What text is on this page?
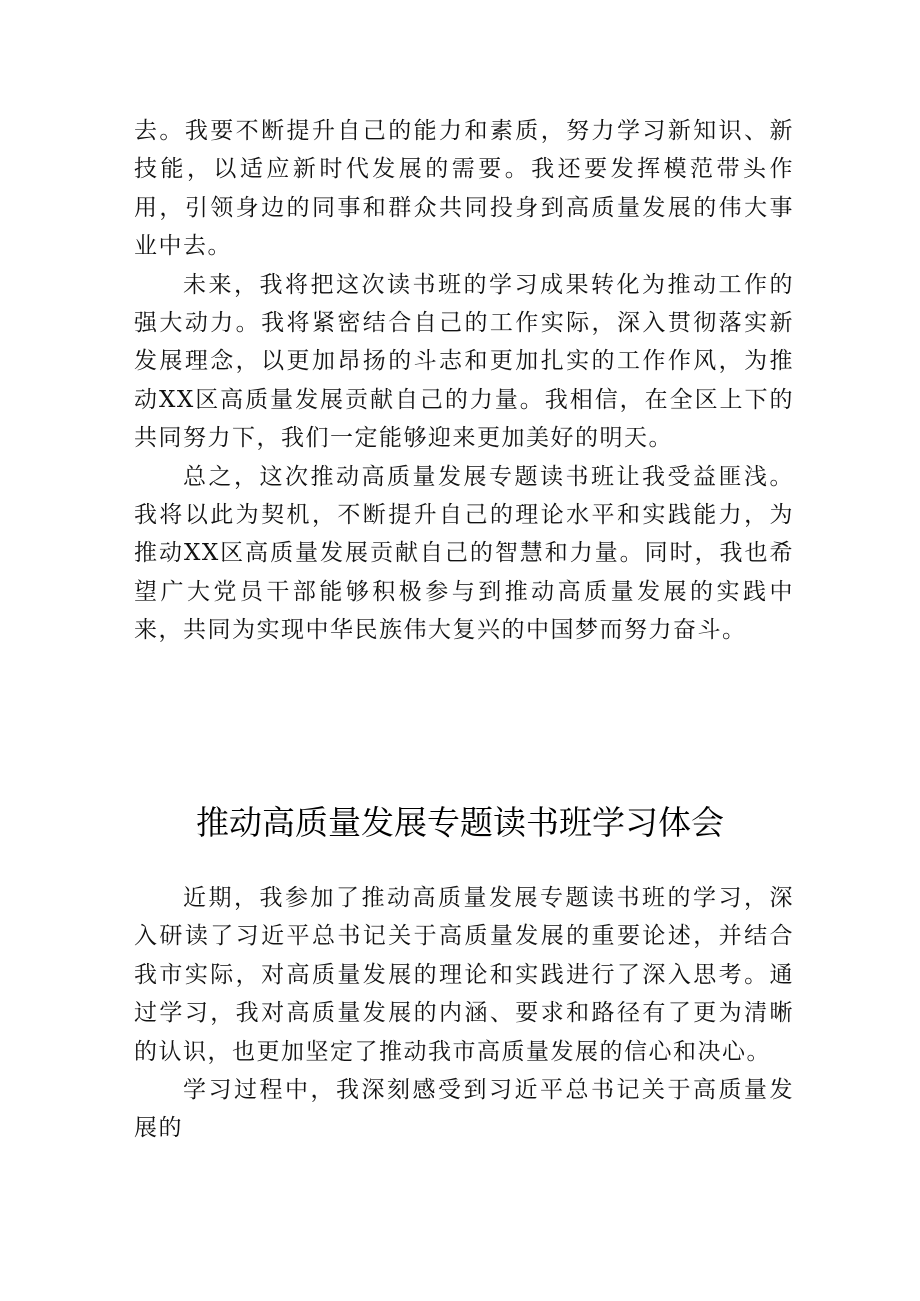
去。我要不断提升自己的能力和素质，努力学习新知识、新技能，以适应新时代发展的需要。我还要发挥模范带头作用，引领身边的同事和群众共同投身到高质量发展的伟大事业中去。

未来，我将把这次读书班的学习成果转化为推动工作的强大动力。我将紧密结合自己的工作实际，深入贯彻落实新发展理念，以更加昂扬的斗志和更加扎实的工作作风，为推动XX区高质量发展贡献自己的力量。我相信，在全区上下的共同努力下，我们一定能够迎来更加美好的明天。

总之，这次推动高质量发展专题读书班让我受益匪浅。我将以此为契机，不断提升自己的理论水平和实践能力，为推动XX区高质量发展贡献自己的智慧和力量。同时，我也希望广大党员干部能够积极参与到推动高质量发展的实践中来，共同为实现中华民族伟大复兴的中国梦而努力奋斗。

推动高质量发展专题读书班学习体会

近期，我参加了推动高质量发展专题读书班的学习，深入研读了习近平总书记关于高质量发展的重要论述，并结合我市实际，对高质量发展的理论和实践进行了深入思考。通过学习，我对高质量发展的内涵、要求和路径有了更为清晰的认识，也更加坚定了推动我市高质量发展的信心和决心。

学习过程中，我深刻感受到习近平总书记关于高质量发展的
